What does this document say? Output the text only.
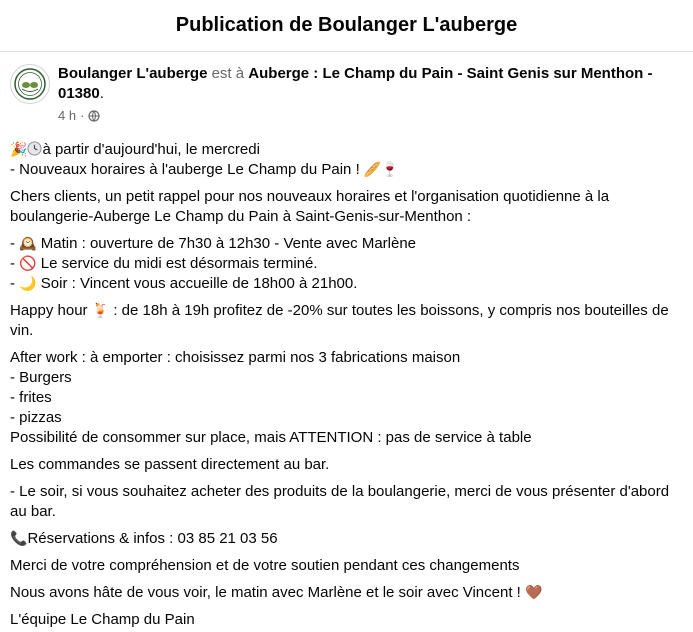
Publication de Boulanger L'auberge
Boulanger L'auberge est à Auberge : Le Champ du Pain - Saint Genis sur Menthon - 01380.
4 h ·
🎉 à partir d'aujourd'hui, le mercredi
- Nouveaux horaires à l'auberge Le Champ du Pain ! 🥖🍷
Chers clients, un petit rappel pour nos nouveaux horaires et l'organisation quotidienne à la boulangerie-Auberge Le Champ du Pain à Saint-Genis-sur-Menthon :
- 🕰️ Matin : ouverture de 7h30 à 12h30 - Vente avec Marlène
- 🚫 Le service du midi est désormais terminé.
- 🌙 Soir : Vincent vous accueille de 18h00 à 21h00.
Happy hour 🍹 : de 18h à 19h profitez de -20% sur toutes les boissons, y compris nos bouteilles de vin.
After work : à emporter : choisissez parmi nos 3 fabrications maison
- Burgers
- frites
- pizzas
Possibilité de consommer sur place, mais ATTENTION : pas de service à table
Les commandes se passent directement au bar.
- Le soir, si vous souhaitez acheter des produits de la boulangerie, merci de vous présenter d'abord au bar.
📞Réservations & infos : 03 85 21 03 56
Merci de votre compréhension et de votre soutien pendant ces changements
Nous avons hâte de vous voir, le matin avec Marlène et le soir avec Vincent ! 🤎
L'équipe Le Champ du Pain
